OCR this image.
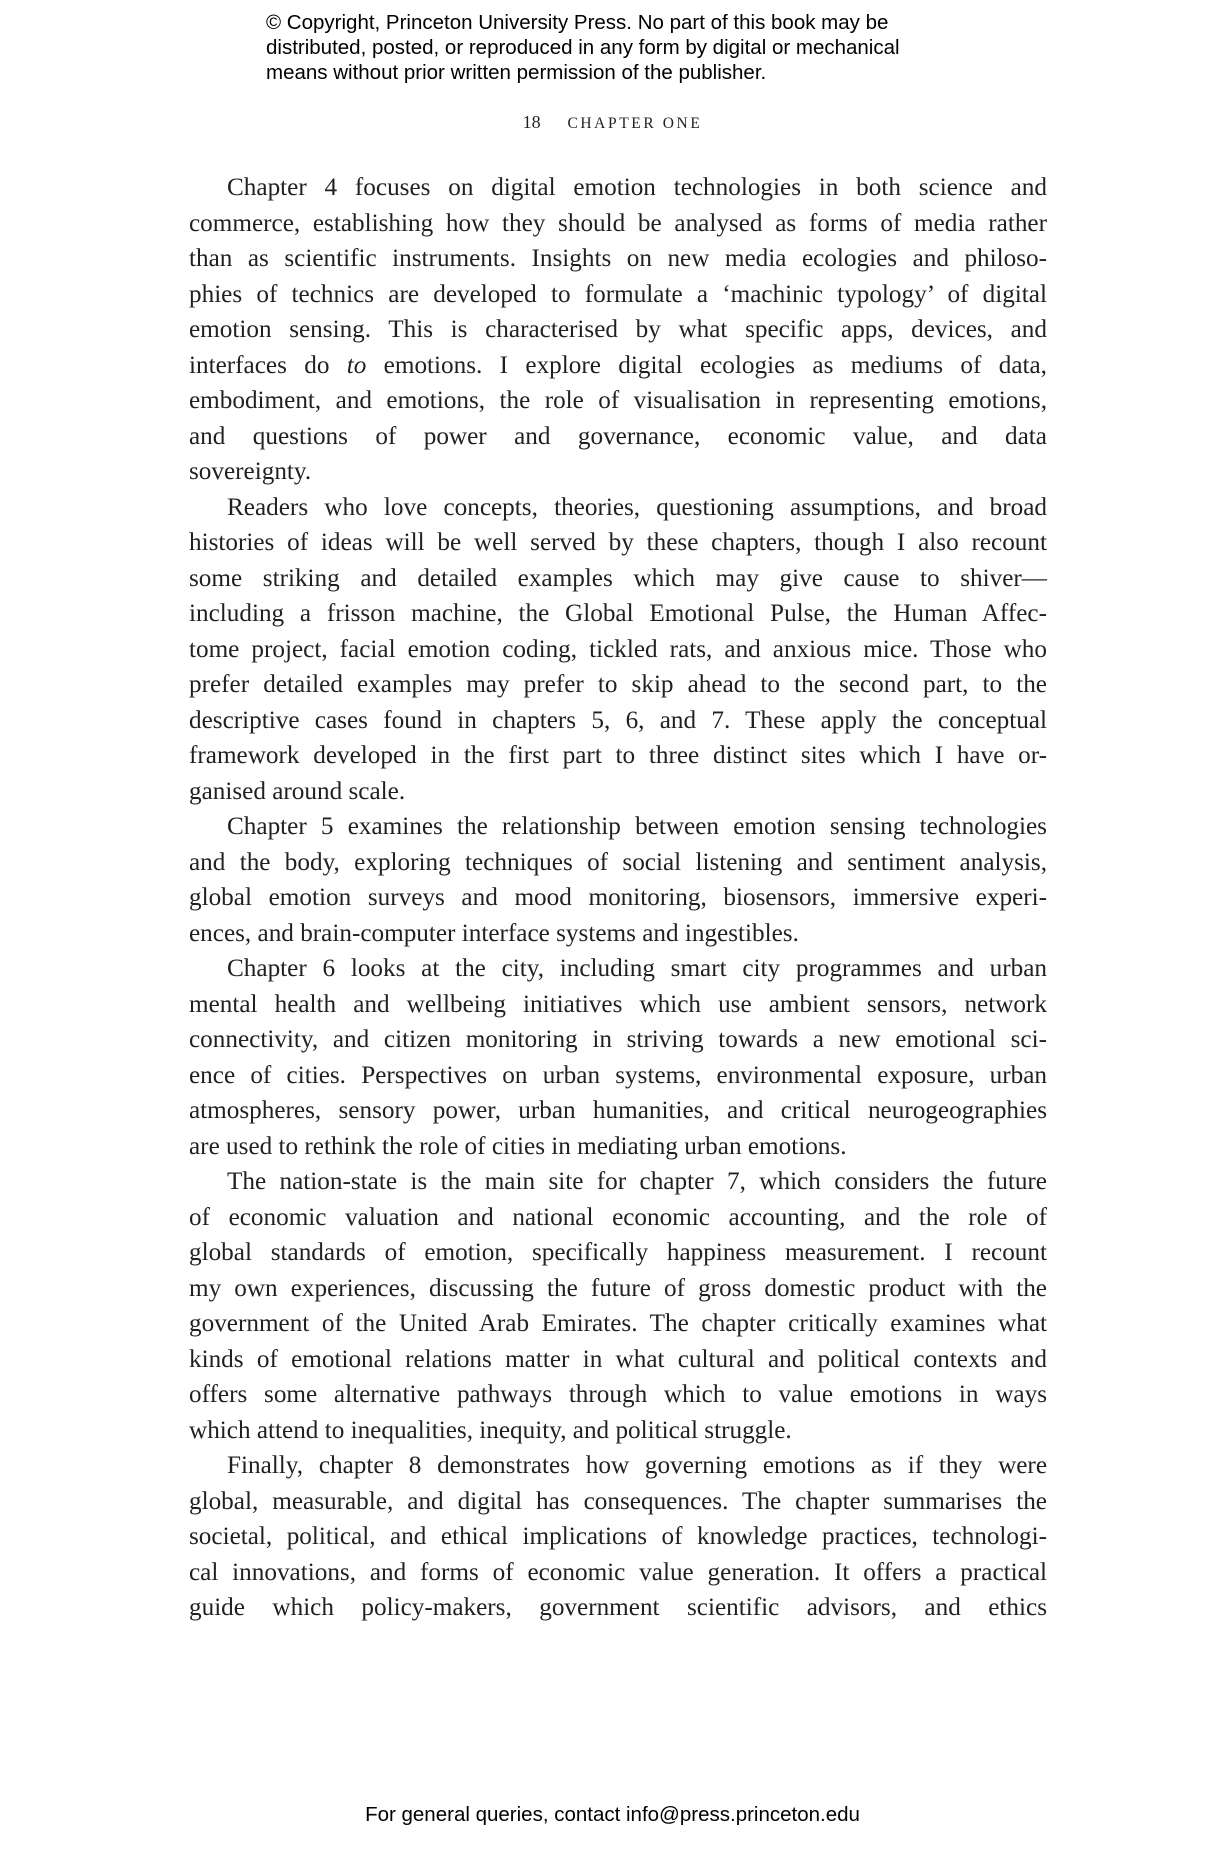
© Copyright, Princeton University Press. No part of this book may be
distributed, posted, or reproduced in any form by digital or mechanical
means without prior written permission of the publisher.
18 CHAPTER ONE

Chapter 4 focuses on digital emotion technologies in both science and
commerce, establishing how they should be analysed as forms of media rather
than as scientific instruments. Insights on new media ecologies and philoso-
phies of technics are developed to formulate a ‘machinic typology’ of digital
emotion sensing. This is characterised by what specific apps, devices, and
interfaces do to emotions. I explore digital ecologies as mediums of data,
embodiment, and emotions, the role of visualisation in representing emotions,
and questions of power and governance, economic value, and data
sovereignty.

Readers who love concepts, theories, questioning assumptions, and broad
histories of ideas will be well served by these chapters, though I also recount
some striking and detailed examples which may give cause to shiver—
including a frisson machine, the Global Emotional Pulse, the Human Affec-
tome project, facial emotion coding, tickled rats, and anxious mice. Those who
prefer detailed examples may prefer to skip ahead to the second part, to the
descriptive cases found in chapters 5, 6, and 7. These apply the conceptual
framework developed in the first part to three distinct sites which I have or-
ganised around scale.

Chapter 5 examines the relationship between emotion sensing technologies
and the body, exploring techniques of social listening and sentiment analysis,
global emotion surveys and mood monitoring, biosensors, immersive experi-
ences, and brain-computer interface systems and ingestibles.

Chapter 6 looks at the city, including smart city programmes and urban
mental health and wellbeing initiatives which use ambient sensors, network
connectivity, and citizen monitoring in striving towards a new emotional sci-
ence of cities. Perspectives on urban systems, environmental exposure, urban
atmospheres, sensory power, urban humanities, and critical neurogeographies
are used to rethink the role of cities in mediating urban emotions.

The nation-state is the main site for chapter 7, which considers the future
of economic valuation and national economic accounting, and the role of
global standards of emotion, specifically happiness measurement. I recount
my own experiences, discussing the future of gross domestic product with the
government of the United Arab Emirates. The chapter critically examines what
kinds of emotional relations matter in what cultural and political contexts and
offers some alternative pathways through which to value emotions in ways
which attend to inequalities, inequity, and political struggle.

Finally, chapter 8 demonstrates how governing emotions as if they were
global, measurable, and digital has consequences. The chapter summarises the
societal, political, and ethical implications of knowledge practices, technologi-
cal innovations, and forms of economic value generation. It offers a practical
guide which policy-makers, government scientific advisors, and ethics

For general queries, contact info@press.princeton.edu
